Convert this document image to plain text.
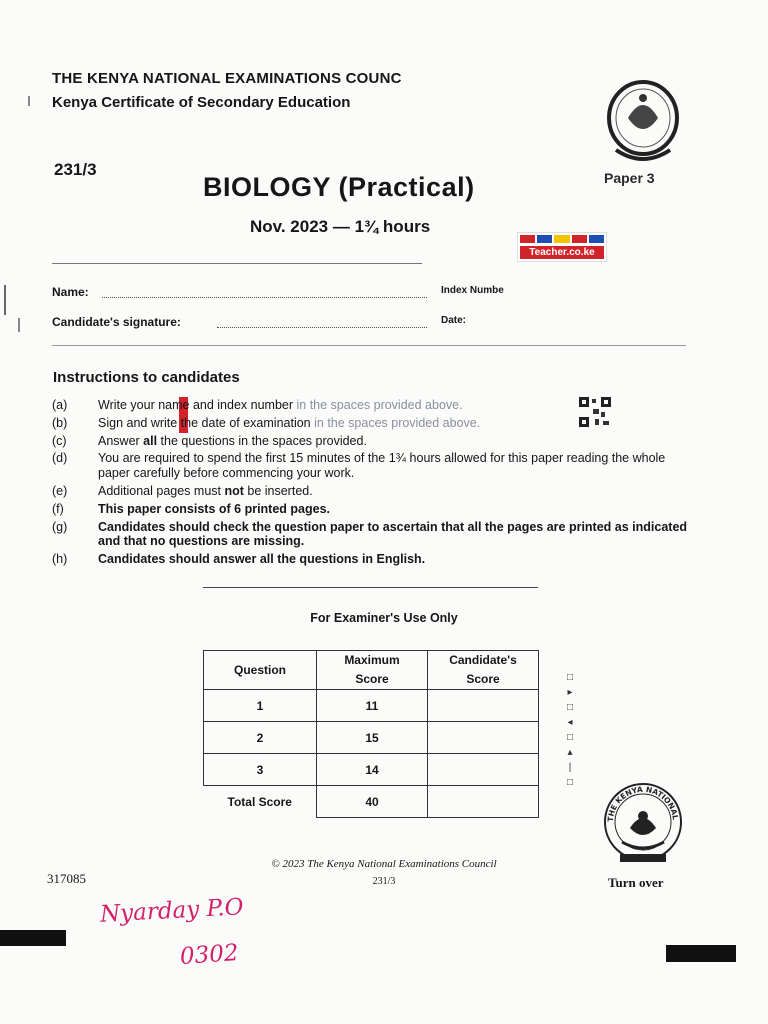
THE KENYA NATIONAL EXAMINATIONS COUNC
Kenya Certificate of Secondary Education
231/3
BIOLOGY (Practical)
Nov. 2023 — 1¾ hours
Paper 3
Teacher.co.ke
Name:	Index Numbe
Candidate's signature:	Date:
Instructions to candidates
(a)	Write your name and index number in the spaces provided above.
(b)	Sign and write the date of examination in the spaces provided above.
(c)	Answer all the questions in the spaces provided.
(d)	You are required to spend the first 15 minutes of the 1¾ hours allowed for this paper reading the whole paper carefully before commencing your work.
(e)	Additional pages must not be inserted.
(f)	This paper consists of 6 printed pages.
(g)	Candidates should check the question paper to ascertain that all the pages are printed as indicated and that no questions are missing.
(h)	Candidates should answer all the questions in English.
For Examiner's Use Only
Question	Maximum Score	Candidate's Score

1	11	
2	15	
3	14	
Total Score	40	
□
▸
□
◂
□
▴
|
□
THE KENYA NATIONAL
© 2023 The Kenya National Examinations Council
231/3
317085	Turn over
Nyarday P.O
0302
